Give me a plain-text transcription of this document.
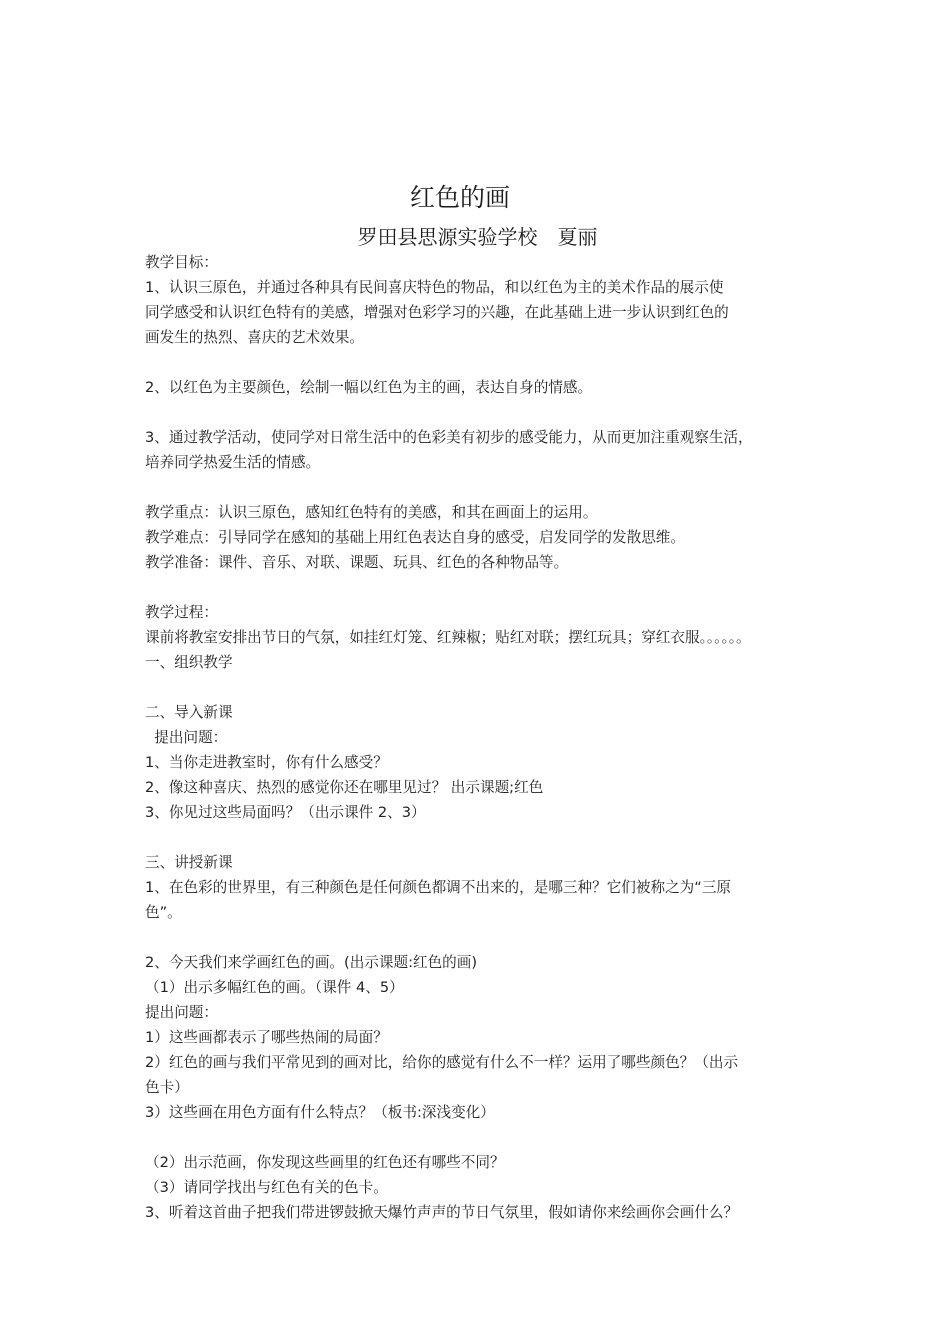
红色的画
罗田县思源实验学校　夏丽

教学目标：

1、认识三原色，并通过各种具有民间喜庆特色的物品，和以红色为主的美术作品的展示使

同学感受和认识红色特有的美感，增强对色彩学习的兴趣，在此基础上进一步认识到红色的

画发生的热烈、喜庆的艺术效果。

2、以红色为主要颜色，绘制一幅以红色为主的画，表达自身的情感。

3、通过教学活动，使同学对日常生活中的色彩美有初步的感受能力，从而更加注重观察生活，

培养同学热爱生活的情感。

教学重点：认识三原色，感知红色特有的美感，和其在画面上的运用。

教学难点：引导同学在感知的基础上用红色表达自身的感受，启发同学的发散思维。

教学准备：课件、音乐、对联、课题、玩具、红色的各种物品等。

教学过程：

课前将教室安排出节日的气氛，如挂红灯笼、红辣椒；贴红对联；摆红玩具；穿红衣服。。。。。。

一、组织教学

二、导入新课

提出问题：

1、当你走进教室时，你有什么感受？

2、像这种喜庆、热烈的感觉你还在哪里见过？ 出示课题;红色

3、你见过这些局面吗？（出示课件 2、3）

三、讲授新课

1、在色彩的世界里，有三种颜色是任何颜色都调不出来的，是哪三种？它们被称之为“三原

色”。

2、今天我们来学画红色的画。(出示课题:红色的画)

（1）出示多幅红色的画。（课件 4、5）

提出问题：

1）这些画都表示了哪些热闹的局面？

2）红色的画与我们平常见到的画对比，给你的感觉有什么不一样？运用了哪些颜色？（出示

色卡）

3）这些画在用色方面有什么特点？（板书:深浅变化）

（2）出示范画，你发现这些画里的红色还有哪些不同？

（3）请同学找出与红色有关的色卡。

3、听着这首曲子把我们带进锣鼓掀天爆竹声声的节日气氛里，假如请你来绘画你会画什么？
